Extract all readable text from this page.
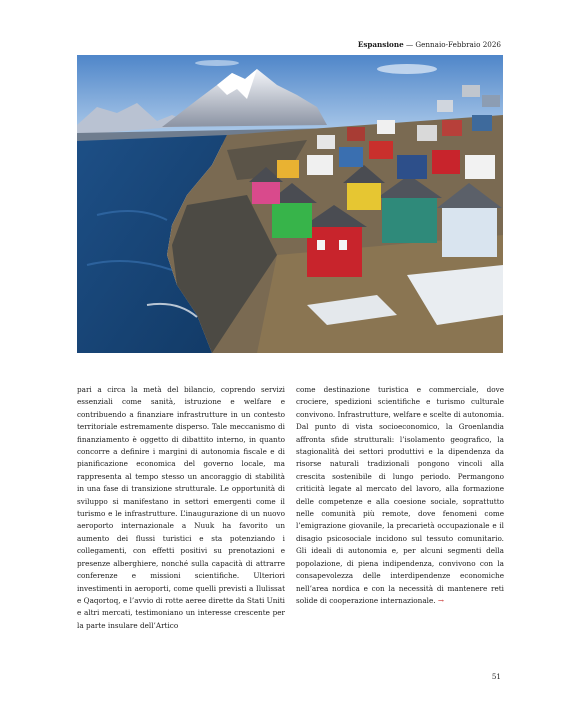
Espansione — Gennaio-Febbraio 2026

pari a circa la metà del bilancio, coprendo servizi essenziali come sanità, istruzione e welfare e contribuendo a finanziare infrastrutture in un contesto territoriale estremamente disperso. Tale meccanismo di finanziamento è oggetto di dibattito interno, in quanto concorre a definire i margini di autonomia fiscale e di pianificazione economica del governo locale, ma rappresenta al tempo stesso un ancoraggio di stabilità in una fase di transizione strutturale. Le opportunità di sviluppo si manifestano in settori emergenti come il turismo e le infrastrutture. L’inaugurazione di un nuovo aeroporto internazionale a Nuuk ha favorito un aumento dei flussi turistici e sta potenziando i collegamenti, con effetti positivi su prenotazioni e presenze alberghiere, nonché sulla capacità di attrarre conferenze e missioni scientifiche. Ulteriori investimenti in aeroporti, come quelli previsti a Ilulissat e Qaqortoq, e l’avvio di rotte aeree dirette da Stati Uniti e altri mercati, testimoniano un interesse crescente per la parte insulare dell’Artico

come destinazione turistica e commerciale, dove crociere, spedizioni scientifiche e turismo culturale convivono. Infrastrutture, welfare e scelte di autonomia. Dal punto di vista socioeconomico, la Groenlandia affronta sfide strutturali: l’isolamento geografico, la stagionalità dei settori produttivi e la dipendenza da risorse naturali tradizionali pongono vincoli alla crescita sostenibile di lungo periodo. Permangono criticità legate al mercato del lavoro, alla formazione delle competenze e alla coesione sociale, soprattutto nelle comunità più remote, dove fenomeni come l’emigrazione giovanile, la precarietà occupazionale e il disagio psicosociale incidono sul tessuto comunitario. Gli ideali di autonomia e, per alcuni segmenti della popolazione, di piena indipendenza, convivono con la consapevolezza delle interdipendenze economiche nell’area nordica e con la necessità di mantenere reti solide di cooperazione internazionale. →

51
